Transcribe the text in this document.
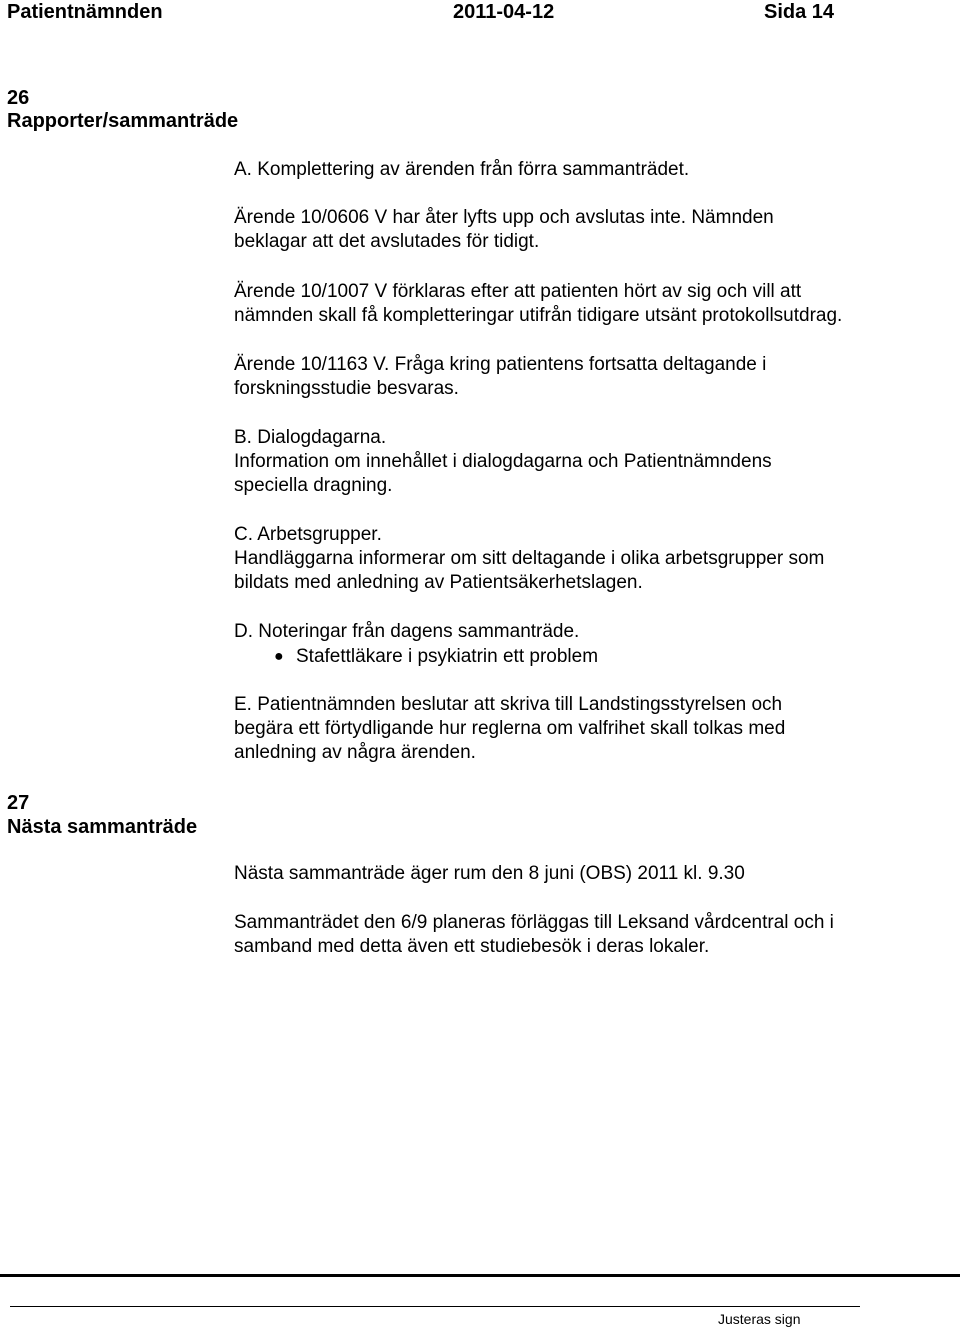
Patientnämnden	2011-04-12	Sida 14
26
Rapporter/sammanträde
A. Komplettering av ärenden från förra sammanträdet.
Ärende 10/0606 V har åter lyfts upp och avslutas inte. Nämnden
beklagar att det avslutades för tidigt.
Ärende 10/1007 V förklaras efter att patienten hört av sig och vill att
nämnden skall få kompletteringar utifrån tidigare utsänt protokollsutdrag.
Ärende 10/1163 V. Fråga kring patientens fortsatta deltagande i
forskningsstudie besvaras.
B. Dialogdagarna.
Information om innehållet i dialogdagarna och Patientnämndens
speciella dragning.
C. Arbetsgrupper.
Handläggarna informerar om sitt deltagande i olika arbetsgrupper som
bildats med anledning av Patientsäkerhetslagen.
D. Noteringar från dagens sammanträde.
● Stafettläkare i psykiatrin ett problem
E. Patientnämnden beslutar att skriva till Landstingsstyrelsen och
begära ett förtydligande hur reglerna om valfrihet skall tolkas med
anledning av några ärenden.
27
Nästa sammanträde
Nästa sammanträde äger rum den 8 juni (OBS) 2011 kl. 9.30
Sammanträdet den 6/9 planeras förläggas till Leksand vårdcentral och i
samband med detta även ett studiebesök i deras lokaler.
Justeras sign
